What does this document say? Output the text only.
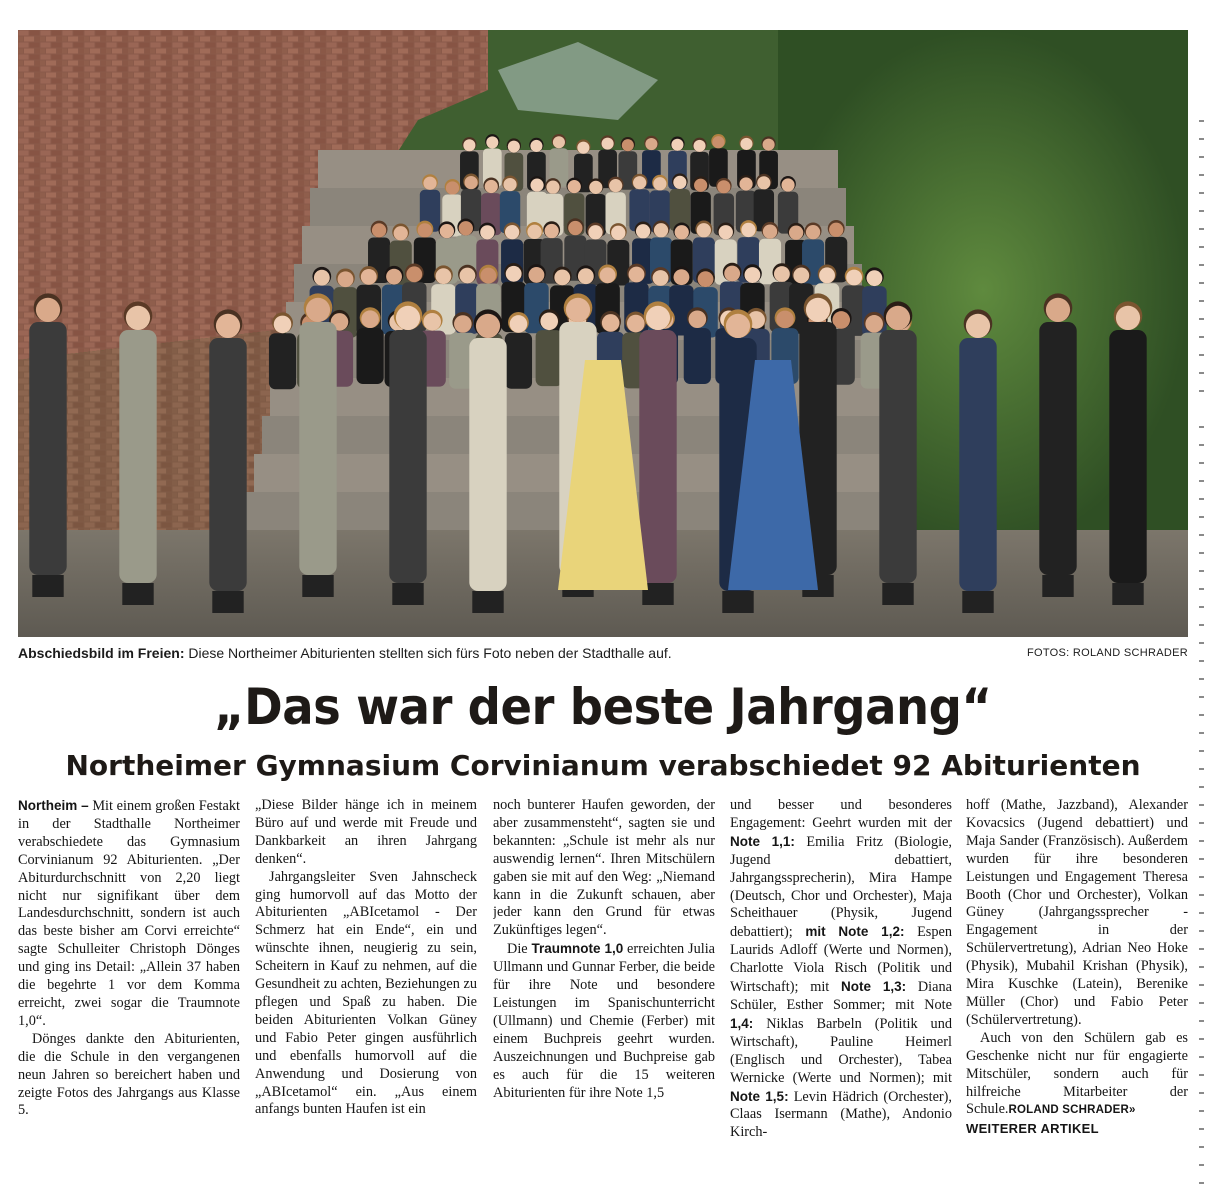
Abschiedsbild im Freien: Diese Northeimer Abiturienten stellten sich fürs Foto neben der Stadthalle auf.	FOTOS: ROLAND SCHRADER
„Das war der beste Jahrgang“
Northeimer Gymnasium Corvinianum verabschiedet 92 Abiturienten

Northeim – Mit einem großen Festakt in der Stadthalle Northeimer verabschiedete das Gymnasium Corvinianum 92 Abiturienten. „Der Abiturdurchschnitt von 2,20 liegt nicht nur signifikant über dem Landesdurchschnitt, sondern ist auch das beste bisher am Corvi erreichte“ sagte Schulleiter Christoph Dönges und ging ins Detail: „Allein 37 haben die begehrte 1 vor dem Komma erreicht, zwei sogar die Traumnote 1,0“.

Dönges dankte den Abiturienten, die die Schule in den vergangenen neun Jahren so bereichert haben und zeigte Fotos des Jahrgangs aus Klasse 5.

„Diese Bilder hänge ich in meinem Büro auf und werde mit Freude und Dankbarkeit an ihren Jahrgang denken“.

Jahrgangsleiter Sven Jahnscheck ging humorvoll auf das Motto der Abiturienten „ABIcetamol - Der Schmerz hat ein Ende“, ein und wünschte ihnen, neugierig zu sein, Scheitern in Kauf zu nehmen, auf die Gesundheit zu achten, Beziehungen zu pflegen und Spaß zu haben. Die beiden Abiturienten Volkan Güney und Fabio Peter gingen ausführlich und ebenfalls humorvoll auf die Anwendung und Dosierung von „ABIcetamol“ ein. „Aus einem anfangs bunten Haufen ist ein

noch bunterer Haufen geworden, der aber zusammensteht“, sagten sie und bekannten: „Schule ist mehr als nur auswendig lernen“. Ihren Mitschülern gaben sie mit auf den Weg: „Niemand kann in die Zukunft schauen, aber jeder kann den Grund für etwas Zukünftiges legen“.

Die Traumnote 1,0 erreichten Julia Ullmann und Gunnar Ferber, die beide für ihre Note und besondere Leistungen im Spanischunterricht (Ullmann) und Chemie (Ferber) mit einem Buchpreis geehrt wurden. Auszeichnungen und Buchpreise gab es auch für die 15 weiteren Abiturienten für ihre Note 1,5

und besser und besonderes Engagement: Geehrt wurden mit der Note 1,1: Emilia Fritz (Biologie, Jugend debattiert, Jahrgangssprecherin), Mira Hampe (Deutsch, Chor und Orchester), Maja Scheithauer (Physik, Jugend debattiert); mit Note 1,2: Espen Laurids Adloff (Werte und Normen), Charlotte Viola Risch (Politik und Wirtschaft); mit Note 1,3: Diana Schüler, Esther Sommer; mit Note 1,4: Niklas Barbeln (Politik und Wirtschaft), Pauline Heimerl (Englisch und Orchester), Tabea Wernicke (Werte und Normen); mit Note 1,5: Levin Hädrich (Orchester), Claas Isermann (Mathe), Andonio Kirch-

hoff (Mathe, Jazzband), Alexander Kovacsics (Jugend debattiert) und Maja Sander (Französisch). Außerdem wurden für ihre besonderen Leistungen und Engagement Theresa Booth (Chor und Orchester), Volkan Güney (Jahrgangssprecher - Engagement in der Schülervertretung), Adrian Neo Hoke (Physik), Mubahil Krishan (Physik), Mira Kuschke (Latein), Berenike Müller (Chor) und Fabio Peter (Schülervertretung).

Auch von den Schülern gab es Geschenke nicht nur für engagierte Mitschüler, sondern auch für hilfreiche Mitarbeiter der Schule.ROLAND SCHRADER»

WEITERER ARTIKEL
